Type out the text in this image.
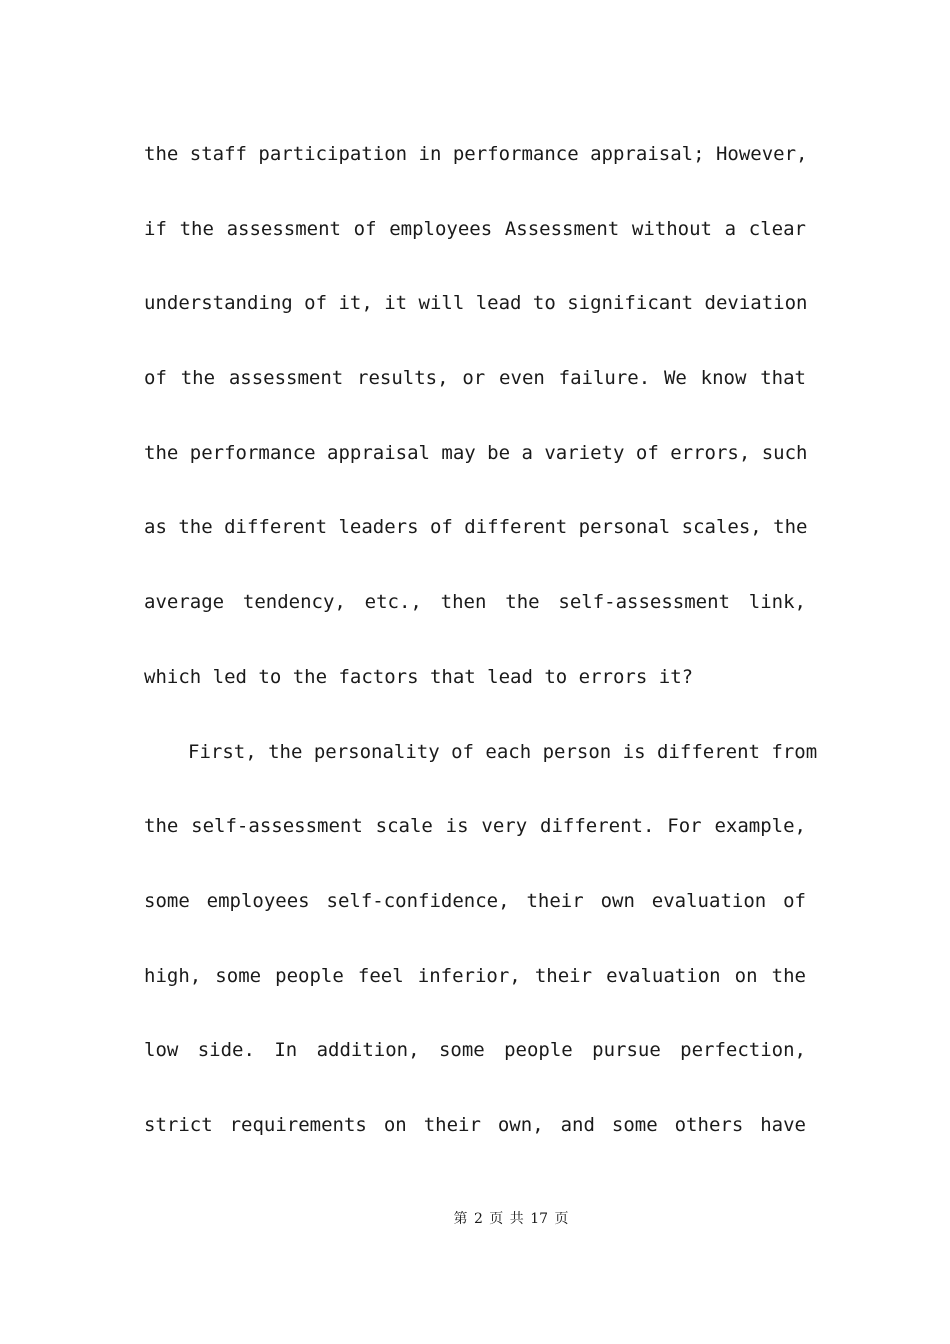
the staff participation in performance appraisal; However,
if the assessment of employees Assessment without a clear
understanding of it, it will lead to significant deviation
of the assessment results, or even failure. We know that
the performance appraisal may be a variety of errors, such
as the different leaders of different personal scales, the
average tendency, etc., then the self-assessment link,
which led to the factors that lead to errors it?
First, the personality of each person is different from
the self-assessment scale is very different. For example,
some employees self-confidence, their own evaluation of
high, some people feel inferior, their evaluation on the
low side. In addition, some people pursue perfection,
strict requirements on their own, and some others have
第 2 页 共 17 页
